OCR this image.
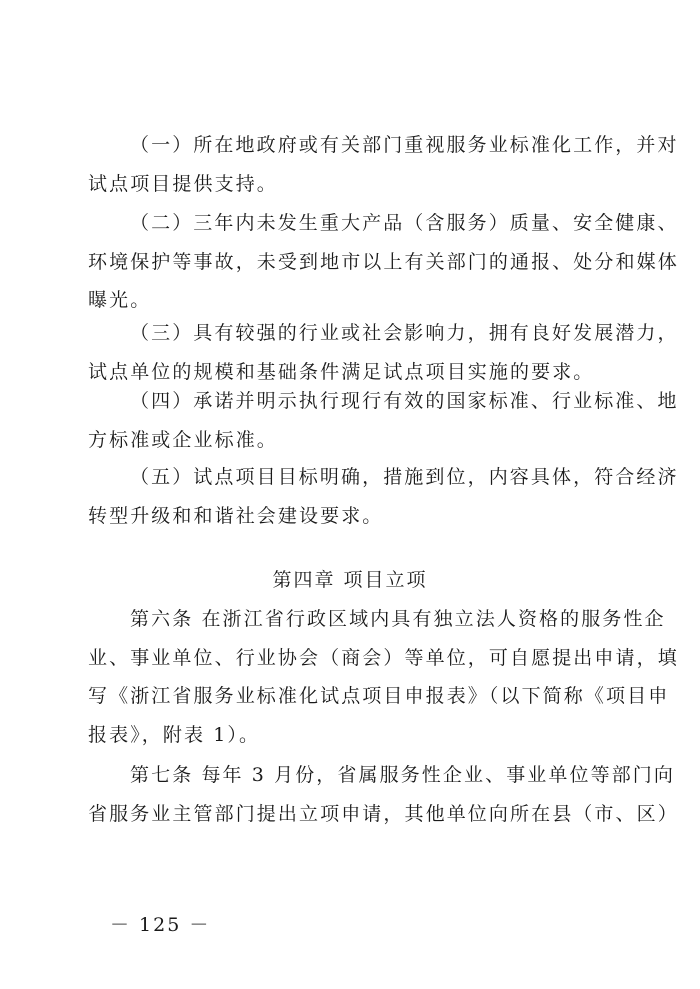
（一）所在地政府或有关部门重视服务业标准化工作，并对
试点项目提供支持。

（二）三年内未发生重大产品（含服务）质量、安全健康、
环境保护等事故，未受到地市以上有关部门的通报、处分和媒体
曝光。

（三）具有较强的行业或社会影响力，拥有良好发展潜力，
试点单位的规模和基础条件满足试点项目实施的要求。

（四）承诺并明示执行现行有效的国家标准、行业标准、地
方标准或企业标准。

（五）试点项目目标明确，措施到位，内容具体，符合经济
转型升级和和谐社会建设要求。

第四章 项目立项

第六条 在浙江省行政区域内具有独立法人资格的服务性企
业、事业单位、行业协会（商会）等单位，可自愿提出申请，填
写《浙江省服务业标准化试点项目申报表》（以下简称《项目申
报表》，附表 1）。

第七条 每年 3 月份，省属服务性企业、事业单位等部门向
省服务业主管部门提出立项申请，其他单位向所在县（市、区）

－ 125 －
